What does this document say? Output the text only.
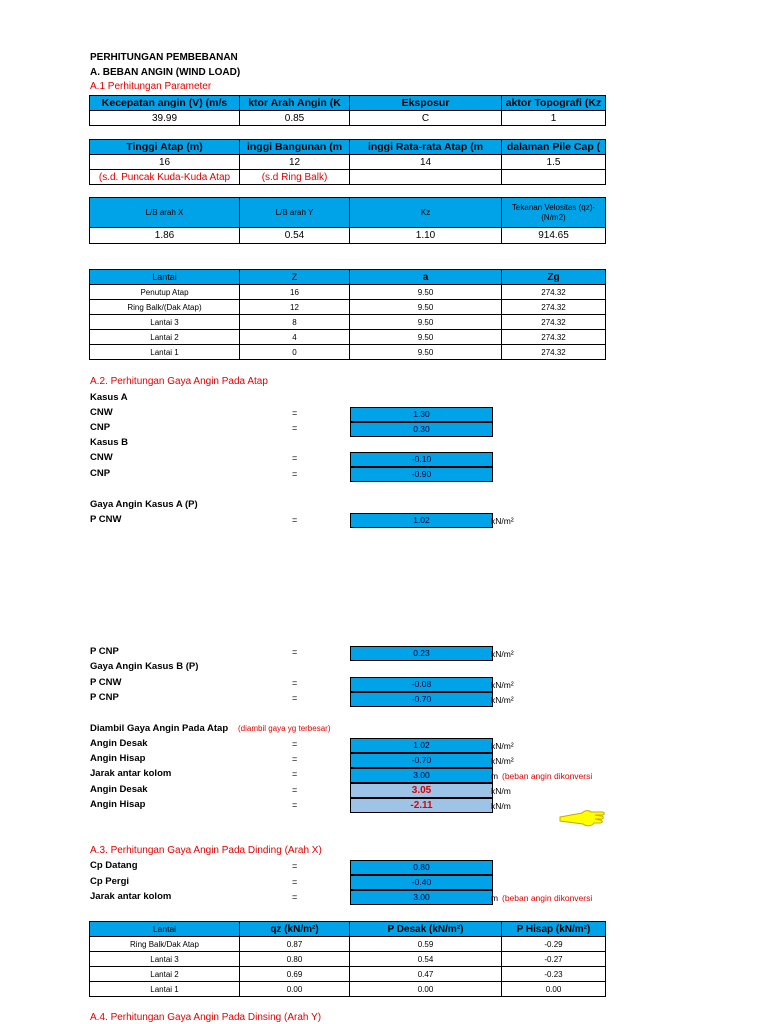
PERHITUNGAN PEMBEBANAN
A. BEBAN ANGIN (WIND LOAD)
A.1 Perhitungan Parameter
Kecepatan angin (V) (m/s	ktor Arah Angin (K	Eksposur	aktor Topografi (Kz
39.99	0.85	C	1
Tinggi Atap (m)	inggi Bangunan (m	inggi Rata-rata Atap (m	dalaman Pile Cap (
16	12	14	1.5
(s.d. Puncak Kuda-Kuda Atap	(s.d Ring Balk)		
L/B arah X	L/B arah Y	Kz	Tekanan Velositas (qz)- (N/m2)
1.86	0.54	1.10	914.65
Lantai	Z	a	Zg
Penutup Atap	16	9.50	274.32
Ring Balk/(Dak Atap)	12	9.50	274.32
Lantai 3	8	9.50	274.32
Lantai 2	4	9.50	274.32
Lantai 1	0	9.50	274.32
A.2. Perhitungan Gaya Angin Pada Atap
Kasus A
CNW	=	1.30
CNP	=	0.30
Kasus B
CNW	=	-0.10
CNP	=	-0.90
Gaya Angin Kasus A (P)
P CNW	=	1.02	kN/m²
P CNP	=	0.23	kN/m²
Gaya Angin Kasus B (P)
P CNW	=	-0.08	kN/m²
P CNP	=	-0.70	kN/m²
Diambil Gaya Angin Pada Atap (diambil gaya yg terbesar)
Angin Desak	=	1.02	kN/m²
Angin Hisap	=	-0.70	kN/m²
Jarak antar kolom	=	3.00	m (beban angin dikonversi
Angin Desak	=	3.05	kN/m
Angin Hisap	=	-2.11	kN/m
A.3. Perhitungan Gaya Angin Pada Dinding (Arah X)
Cp Datang	=	0.80
Cp Pergi	=	-0.40
Jarak antar kolom	=	3.00	m (beban angin dikonversi
Lantai	qz (kN/m²)	P Desak (kN/m²)	P Hisap (kN/m²)
Ring Balk/Dak Atap	0.87	0.59	-0.29
Lantai 3	0.80	0.54	-0.27
Lantai 2	0.69	0.47	-0.23
Lantai 1	0.00	0.00	0.00
A.4. Perhitungan Gaya Angin Pada Dinsing (Arah Y)
